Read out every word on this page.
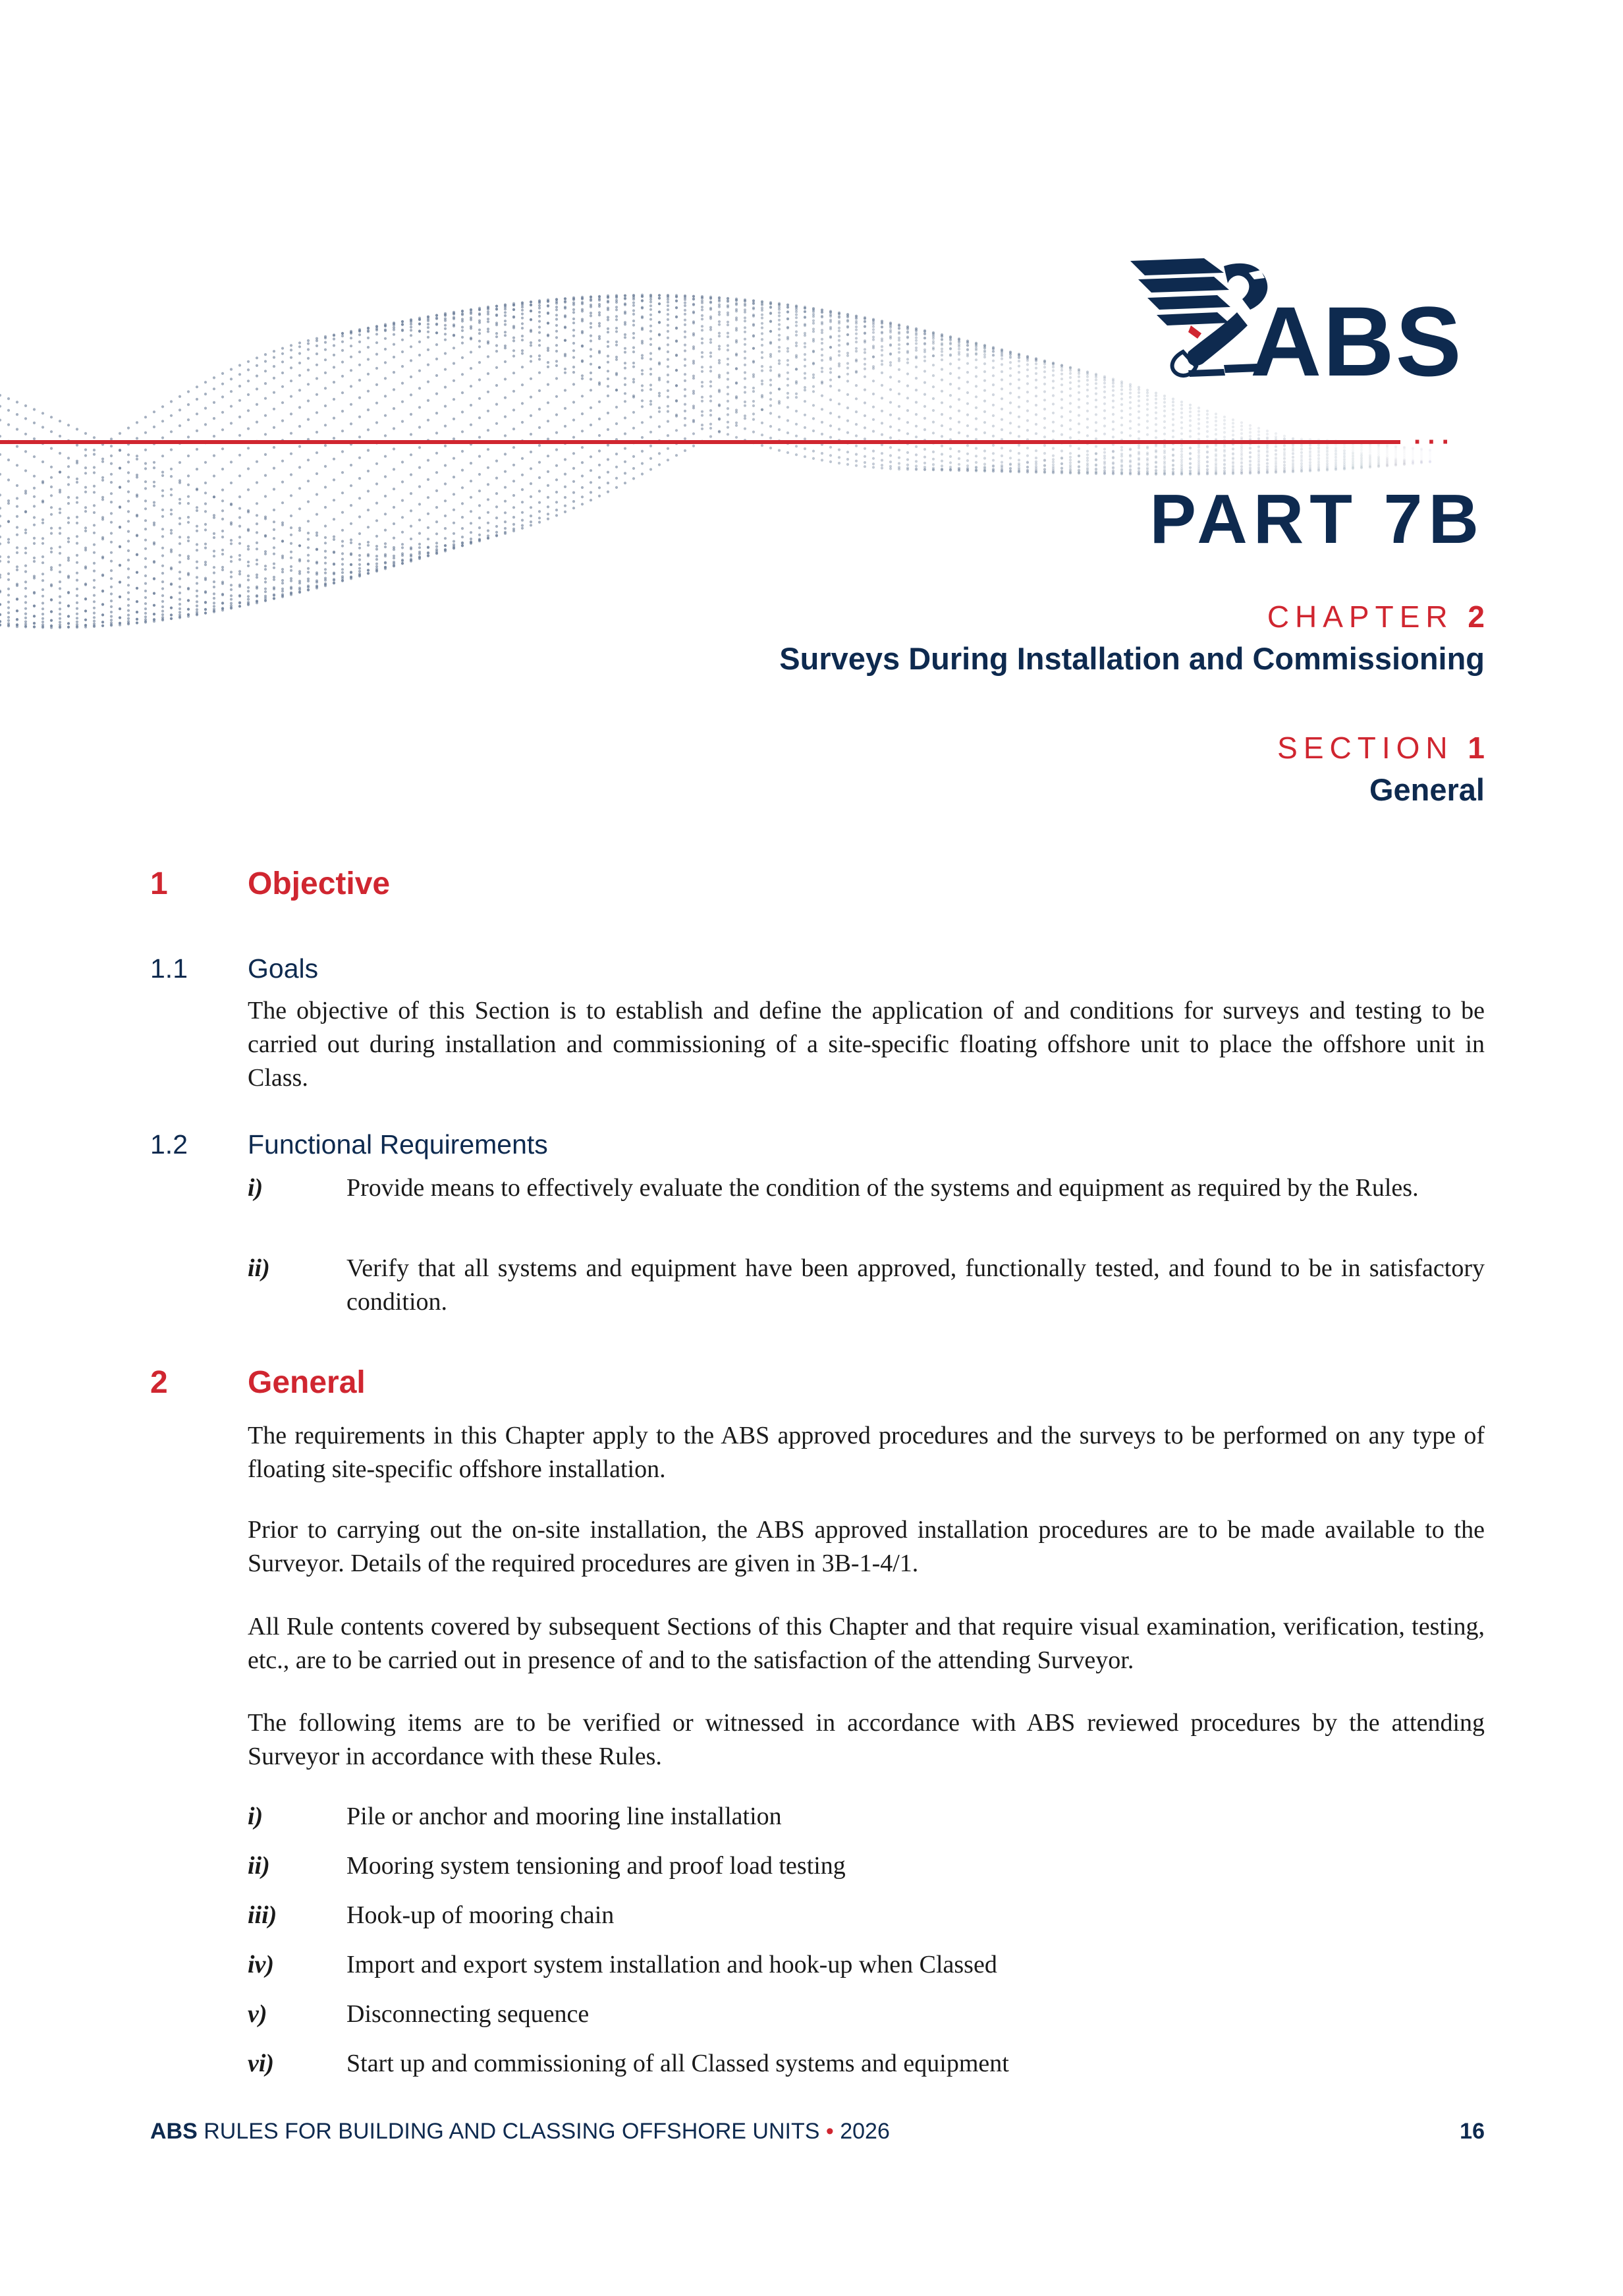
···
ABS
PART 7B
CHAPTER 2
Surveys During Installation and Commissioning
SECTION 1
General
1	Objective
1.1 Goals

The objective of this Section is to establish and define the application of and conditions for surveys and testing to be carried out during installation and commissioning of a site-specific floating offshore unit to place the offshore unit in Class.

1.2 Functional Requirements
i)	Provide means to effectively evaluate the condition of the systems and equipment as required by the Rules.
ii)	Verify that all systems and equipment have been approved, functionally tested, and found to be in satisfactory condition.
2	General

The requirements in this Chapter apply to the ABS approved procedures and the surveys to be performed on any type of floating site-specific offshore installation.

Prior to carrying out the on-site installation, the ABS approved installation procedures are to be made available to the Surveyor. Details of the required procedures are given in 3B-1-4/1.

All Rule contents covered by subsequent Sections of this Chapter and that require visual examination, verification, testing, etc., are to be carried out in presence of and to the satisfaction of the attending Surveyor.

The following items are to be verified or witnessed in accordance with ABS reviewed procedures by the attending Surveyor in accordance with these Rules.

i)	Pile or anchor and mooring line installation
ii)	Mooring system tensioning and proof load testing
iii)	Hook-up of mooring chain
iv)	Import and export system installation and hook-up when Classed
v)	Disconnecting sequence
vi)	Start up and commissioning of all Classed systems and equipment
ABS RULES FOR BUILDING AND CLASSING OFFSHORE UNITS • 2026	16
